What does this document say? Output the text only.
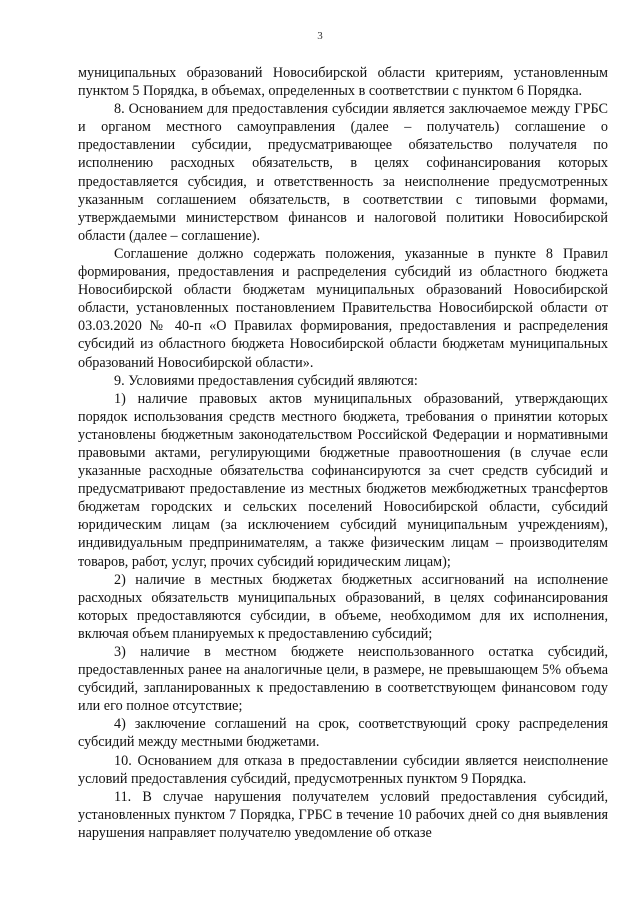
3

муниципальных образований Новосибирской области критериям, установленным пунктом 5 Порядка, в объемах, определенных в соответствии с пунктом 6 Порядка.

8. Основанием для предоставления субсидии является заключаемое между ГРБС и органом местного самоуправления (далее – получатель) соглашение о предоставлении субсидии, предусматривающее обязательство получателя по исполнению расходных обязательств, в целях софинансирования которых предоставляется субсидия, и ответственность за неисполнение предусмотренных указанным соглашением обязательств, в соответствии с типовыми формами, утверждаемыми министерством финансов и налоговой политики Новосибирской области (далее – соглашение).

Соглашение должно содержать положения, указанные в пункте 8 Правил формирования, предоставления и распределения субсидий из областного бюджета Новосибирской области бюджетам муниципальных образований Новосибирской области, установленных постановлением Правительства Новосибирской области от 03.03.2020 № 40-п «О Правилах формирования, предоставления и распределения субсидий из областного бюджета Новосибирской области бюджетам муниципальных образований Новосибирской области».

9. Условиями предоставления субсидий являются:

1) наличие правовых актов муниципальных образований, утверждающих порядок использования средств местного бюджета, требования о принятии которых установлены бюджетным законодательством Российской Федерации и нормативными правовыми актами, регулирующими бюджетные правоотношения (в случае если указанные расходные обязательства софинансируются за счет средств субсидий и предусматривают предоставление из местных бюджетов межбюджетных трансфертов бюджетам городских и сельских поселений Новосибирской области, субсидий юридическим лицам (за исключением субсидий муниципальным учреждениям), индивидуальным предпринимателям, а также физическим лицам – производителям товаров, работ, услуг, прочих субсидий юридическим лицам);

2) наличие в местных бюджетах бюджетных ассигнований на исполнение расходных обязательств муниципальных образований, в целях софинансирования которых предоставляются субсидии, в объеме, необходимом для их исполнения, включая объем планируемых к предоставлению субсидий;

3) наличие в местном бюджете неиспользованного остатка субсидий, предоставленных ранее на аналогичные цели, в размере, не превышающем 5% объема субсидий, запланированных к предоставлению в соответствующем финансовом году или его полное отсутствие;

4) заключение соглашений на срок, соответствующий сроку распределения субсидий между местными бюджетами.

10. Основанием для отказа в предоставлении субсидии является неисполнение условий предоставления субсидий, предусмотренных пунктом 9 Порядка.

11. В случае нарушения получателем условий предоставления субсидий, установленных пунктом 7 Порядка, ГРБС в течение 10 рабочих дней со дня выявления нарушения направляет получателю уведомление об отказе
